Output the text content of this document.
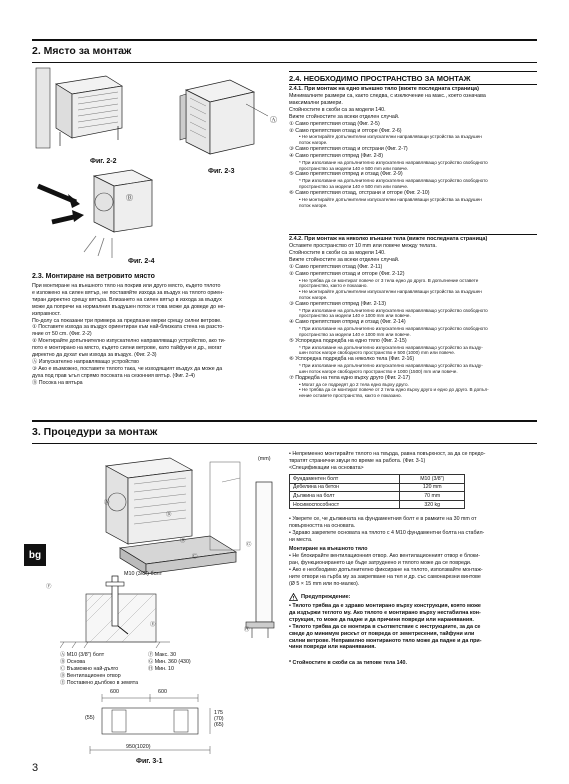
2. Място за монтаж
Фиг. 2-2
Ⓐ
Фиг. 2-3
Ⓑ
Фиг. 2-4
2.3. Монтиране на ветровито място
При монтиране на външното тяло на покрив или друго място, където тялото
е изложено на силен вятър, не поставяйте изхода за въздух на тялото ориен-
тиран директно срещу вятъра. Влизането на силен вятър в изхода за въздух
може да попречи на нормалния въздушен поток и това може да доведе до не-
изправност.
По-долу са показани три примера за предпазни мерки срещу силни ветрове.
① Поставете изхода за въздух ориентиран към най-близката стена на разсто-
яние от 50 cm. (Фиг. 2-2)
② Монтирайте допълнително изпускателно направляващо устройство, ако ти-
пото е монтирано на място, където силни ветрове, като тайфуни и др., могат
директно да духат към изхода за въздух. (Фиг. 2-3)
Ⓐ Изпускателно направляващо устройство
③ Ако е възможно, поставете тялото така, че изходящият въздух да може да
духа под прав ъгъл спрямо посоката на сезонния вятър. (Фиг. 2-4)
Ⓑ Посока на вятъра
2.4. НЕОБХОДИМО ПРОСТРАНСТВО ЗА МОНТАЖ
2.4.1. При монтаж на едно външно тяло (вижте последната страница)
Минималните размери са, както следва, с изключение на макс., което означава
максимални размери.
Стойностите в скоби са за модели 140.
Вижте стойностите за всеки отделен случай.
① Само препятствия отзад (Фиг. 2-5)
② Само препятствия отзад и отгоре (Фиг. 2-6)
• Не монтирайте допълнителни изпускателни направляващи устройства за въздушен
поток нагоре.
③ Само препятствия отзад и отстрани (Фиг. 2-7)
④ Само препятствия отпред (Фиг. 2-8)
* При използване на допълнително изпускателно направляващо устройство свободното
пространство за модели 140 е 500 mm или повече.
⑤ Само препятствия отпред и отзад (Фиг. 2-9)
* При използване на допълнително изпускателно направляващо устройство свободното
пространство за модели 140 е 500 mm или повече.
⑥ Само препятствия отзад, отстрани и отгоре (Фиг. 2-10)
• Не монтирайте допълнителни изпускателни направляващи устройства за въздушен
поток нагоре.
2.4.2. При монтаж на няколко външни тела (вижте последната страница)
Оставете пространство от 10 mm или повече между телата.
Стойностите в скоби са за модели 140.
Вижте стойностите за всеки отделен случай.
① Само препятствия отзад (Фиг. 2-11)
② Само препятствия отзад и отгоре (Фиг. 2-12)
• Не трябва да се монтират повече от 3 тела едно до друго. В допълнение оставете
пространство, както е показано.
• Не монтирайте допълнителни изпускателни направляващи устройства за въздушен
поток нагоре.
③ Само препятствия отпред (Фиг. 2-13)
* При използване на допълнително изпускателно направляващо устройство свободното
пространство за модели 140 е 1000 mm или повече.
④ Само препятствия отпред и отзад (Фиг. 2-14)
* При използване на допълнително изпускателно направляващо устройство свободното
пространство за модели 140 е 1000 mm или повече.
⑤ Успоредна подредба на едно тяло (Фиг. 2-15)
* При използване на допълнително изпускателно направляващо устройство за възду-
шен поток нагоре свободното пространство е 500 (1000) mm или повече.
⑥ Успоредна подредба на няколко тела (Фиг. 2-16)
* При използване на допълнително изпускателно направляващо устройство за възду-
шен поток нагоре свободното пространство е 1000 (1500) mm или повече.
⑦ Подредба на тела едно върху друго (Фиг. 2-17)
• Могат да се подредят до 2 тела едно върху друго.
• Не трябва да се монтират повече от 2 тела едно върху друго и едно до друго. В допъл-
нение оставете пространство, както е показано.
3. Процедури за монтаж
(mm)
Ⓐ
Ⓑ
Ⓒ
Ⓓ
Ⓔ
Ⓕ
Ⓖ
Ⓗ
M10 (3/8") болт
Ⓐ M10 (3/8") болт
Ⓑ Основа
Ⓒ Възможно най-дълго
Ⓓ Вентилационен отвор
Ⓔ Поставено дълбоко в земята
Ⓕ Макс. 30
Ⓖ Мин. 360 (430)
Ⓗ Мин. 10
600	600
950(1020)
175
(70)
(55)
(65)
Фиг. 3-1
• Непременно монтирайте тялото на твърда, равна повърхност, за да се предо-
твратят странични звуци по време на работа. (Фиг. 3-1)
<Спецификации на основата>
Фундаментен болт	M10 (3/8")
Дебелина на бетон	120 mm
Дължина на болт	70 mm
Носимоспособност	320 kg
• Уверете се, че дължината на фундаментния болт е в рамките на 30 mm от
повърхността на основата.
• Здраво закрепете основата на тялото с 4 M10 фундаментни болта на стабил-
ни места.
Монтиране на външното тяло
• Не блокирайте вентилационния отвор. Ако вентилационният отвор е блоки-
ран, функционирането ще бъде затруднено и тялото може да се повреди.
• Ако е необходимо допълнително фиксиране на тялото, използвайте монтаж-
ните отвори на гърба му за закрепване на тел и др. със самонарезни винтове
(Ø 5 × 15 mm или по-малко).
Предупреждение:
• Тялото трябва да е здраво монтирано върху конструкция, която може
да издържи теглото му. Ако тялото е монтирано върху нестабилна кон-
струкция, то може да падне и да причини повреди или наранявания.
• Тялото трябва да се монтира в съответствие с инструкциите, за да се
сведе до минимум рискът от повреда от земетресения, тайфуни или
силни ветрове. Неправилно монтираното тяло може да падне и да при-
чини повреди или наранявания.
* Стойностите в скоби са за типове тела 140.
bg
3
